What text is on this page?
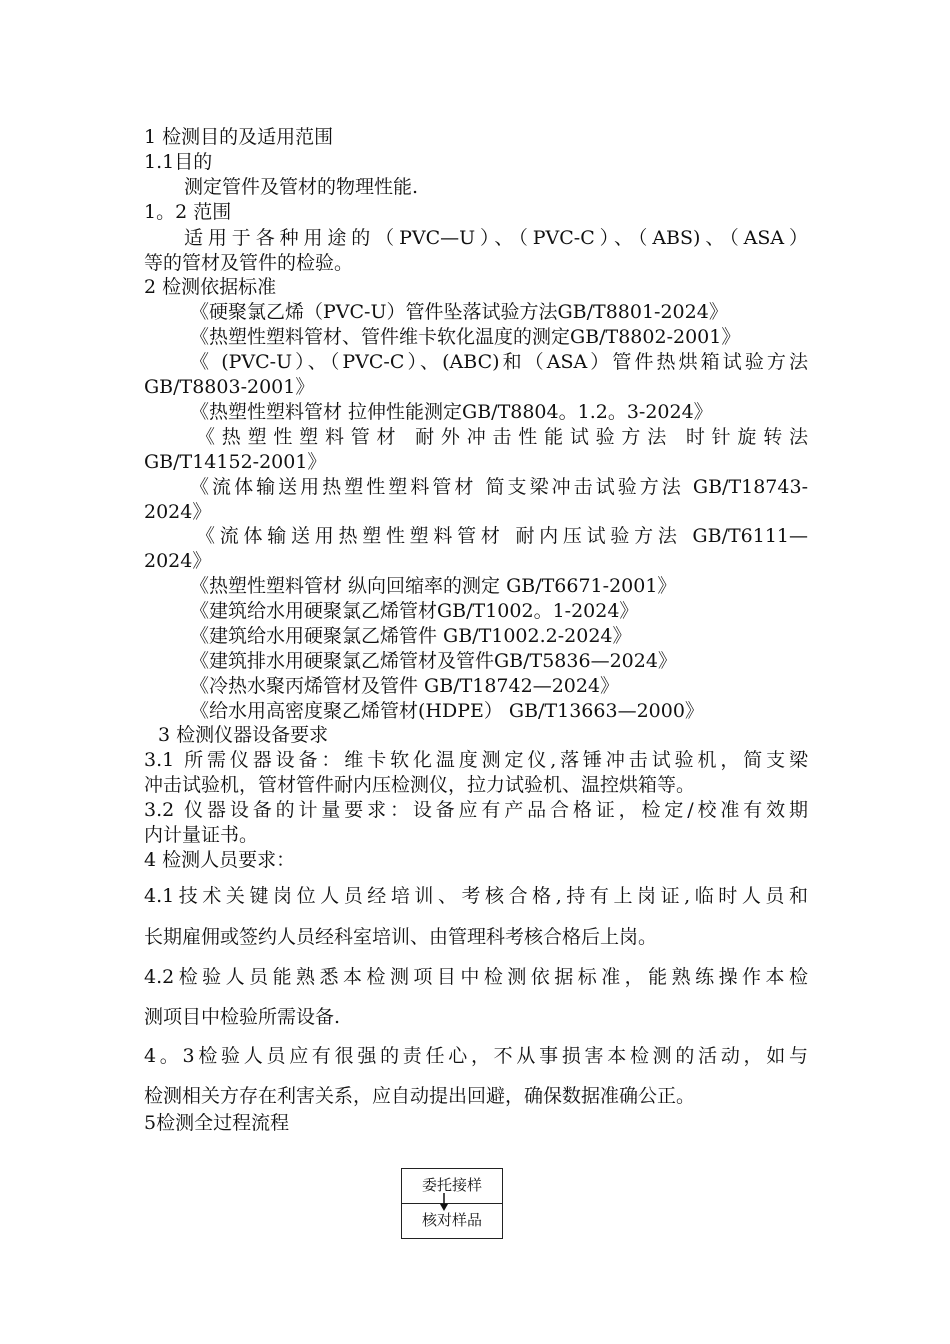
1 检测目的及适用范围
1.1目的
测定管件及管材的物理性能.
1。2 范围
适用于各种用途的（PVC—U）、（PVC-C）、（ABS)、（ASA）
等的管材及管件的检验。
2 检测依据标准
《硬聚氯乙烯（PVC-U）管件坠落试验方法GB/T8801-2024》
《热塑性塑料管材、管件维卡软化温度的测定GB/T8802-2001》
《 (PVC-U）、（PVC-C）、(ABC)和（ASA）管件热烘箱试验方法
GB/T8803-2001》
《热塑性塑料管材 拉伸性能测定GB/T8804。1.2。3-2024》
《热塑性塑料管材 耐外冲击性能试验方法 时针旋转法
GB/T14152-2001》
《流体输送用热塑性塑料管材 简支梁冲击试验方法 GB/T18743-
2024》
《流体输送用热塑性塑料管材 耐内压试验方法 GB/T6111—
2024》
《热塑性塑料管材 纵向回缩率的测定 GB/T6671-2001》
《建筑给水用硬聚氯乙烯管材GB/T1002。1-2024》
《建筑给水用硬聚氯乙烯管件 GB/T1002.2-2024》
《建筑排水用硬聚氯乙烯管材及管件GB/T5836—2024》
《冷热水聚丙烯管材及管件 GB/T18742—2024》
《给水用高密度聚乙烯管材(HDPE） GB/T13663—2000》
3 检测仪器设备要求
3.1 所需仪器设备：维卡软化温度测定仪,落锤冲击试验机，简支梁
冲击试验机，管材管件耐内压检测仪，拉力试验机、温控烘箱等。
3.2 仪器设备的计量要求：设备应有产品合格证，检定/校准有效期
内计量证书。
4 检测人员要求：
4.1技术关键岗位人员经培训、考核合格,持有上岗证,临时人员和
长期雇佣或签约人员经科室培训、由管理科考核合格后上岗。
4.2检验人员能熟悉本检测项目中检测依据标准，能熟练操作本检
测项目中检验所需设备.
4。3检验人员应有很强的责任心，不从事损害本检测的活动，如与
检测相关方存在利害关系，应自动提出回避，确保数据准确公正。
5检测全过程流程
委托接样
核对样品
